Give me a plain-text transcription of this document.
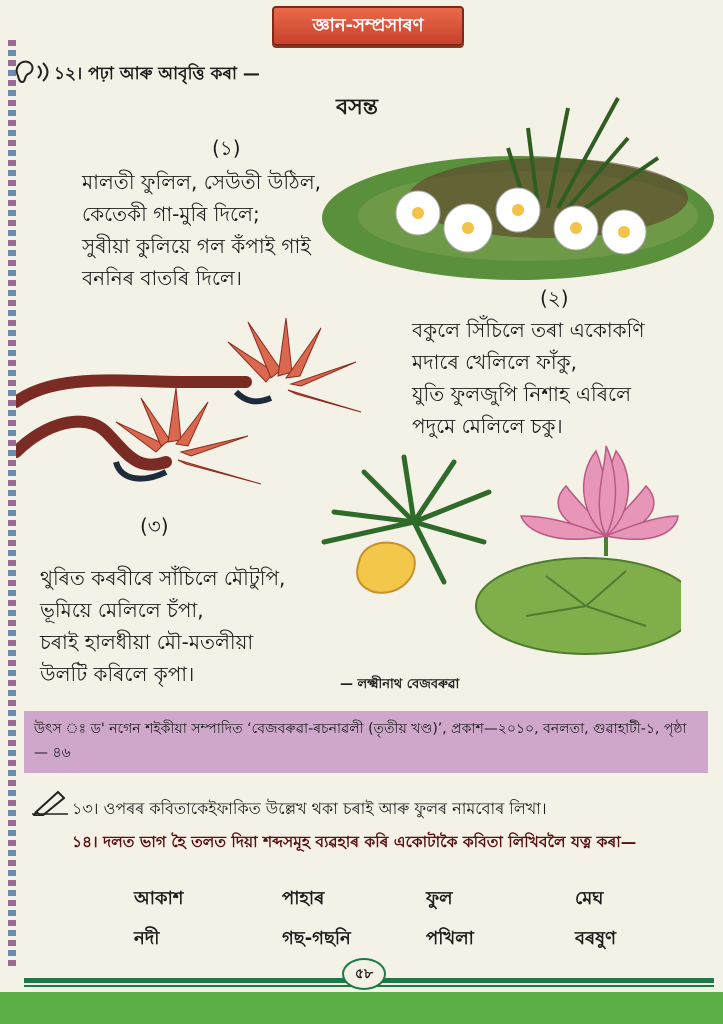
জ্ঞান-সম্প্ৰসাৰণ
১২। পঢ়া আৰু আবৃত্তি কৰা —
বসন্ত
(১)
মালতী ফুলিল, সেউতী উঠিল,
কেতেকী গা-মুৰি দিলে;
সুৰীয়া কুলিয়ে গল কঁপাই গাই
বননিৰ বাতৰি দিলে।
(২)
বকুলে সিঁচিলে তৰা একোকণি
মদাৰে খেলিলে ফাঁকু,
যুতি ফুলজুপি নিশাহ এৰিলে
পদুমে মেলিলে চকু।
(৩)
থুৰিত কৰবীৰে সাঁচিলে মৌটুপি,
ভূমিয়ে মেলিলে চঁপা,
চৰাই হালধীয়া মৌ-মতলীয়া
উলটি কৰিলে কৃপা।	— লক্ষ্মীনাথ বেজবৰুৱা
উৎস ঃ ড' নগেন শইকীয়া সম্পাদিত ‘বেজবৰুৱা-ৰচনাৱলী (তৃতীয় খণ্ড)’, প্ৰকাশ—২০১০, বনলতা, গুৱাহাটী-১, পৃষ্ঠা— ৪৬
১৩। ওপৰৰ কবিতাকেইফাকিত উল্লেখ থকা চৰাই আৰু ফুলৰ নামবোৰ লিখা।
১৪। দলত ভাগ হৈ তলত দিয়া শব্দসমূহ ব্যৱহাৰ কৰি একোটাকৈ কবিতা লিখিবলৈ যত্ন কৰা—
আকাশ	পাহাৰ	ফুল	মেঘ
নদী	গছ-গছনি	পখিলা	বৰষুণ
৫৮
